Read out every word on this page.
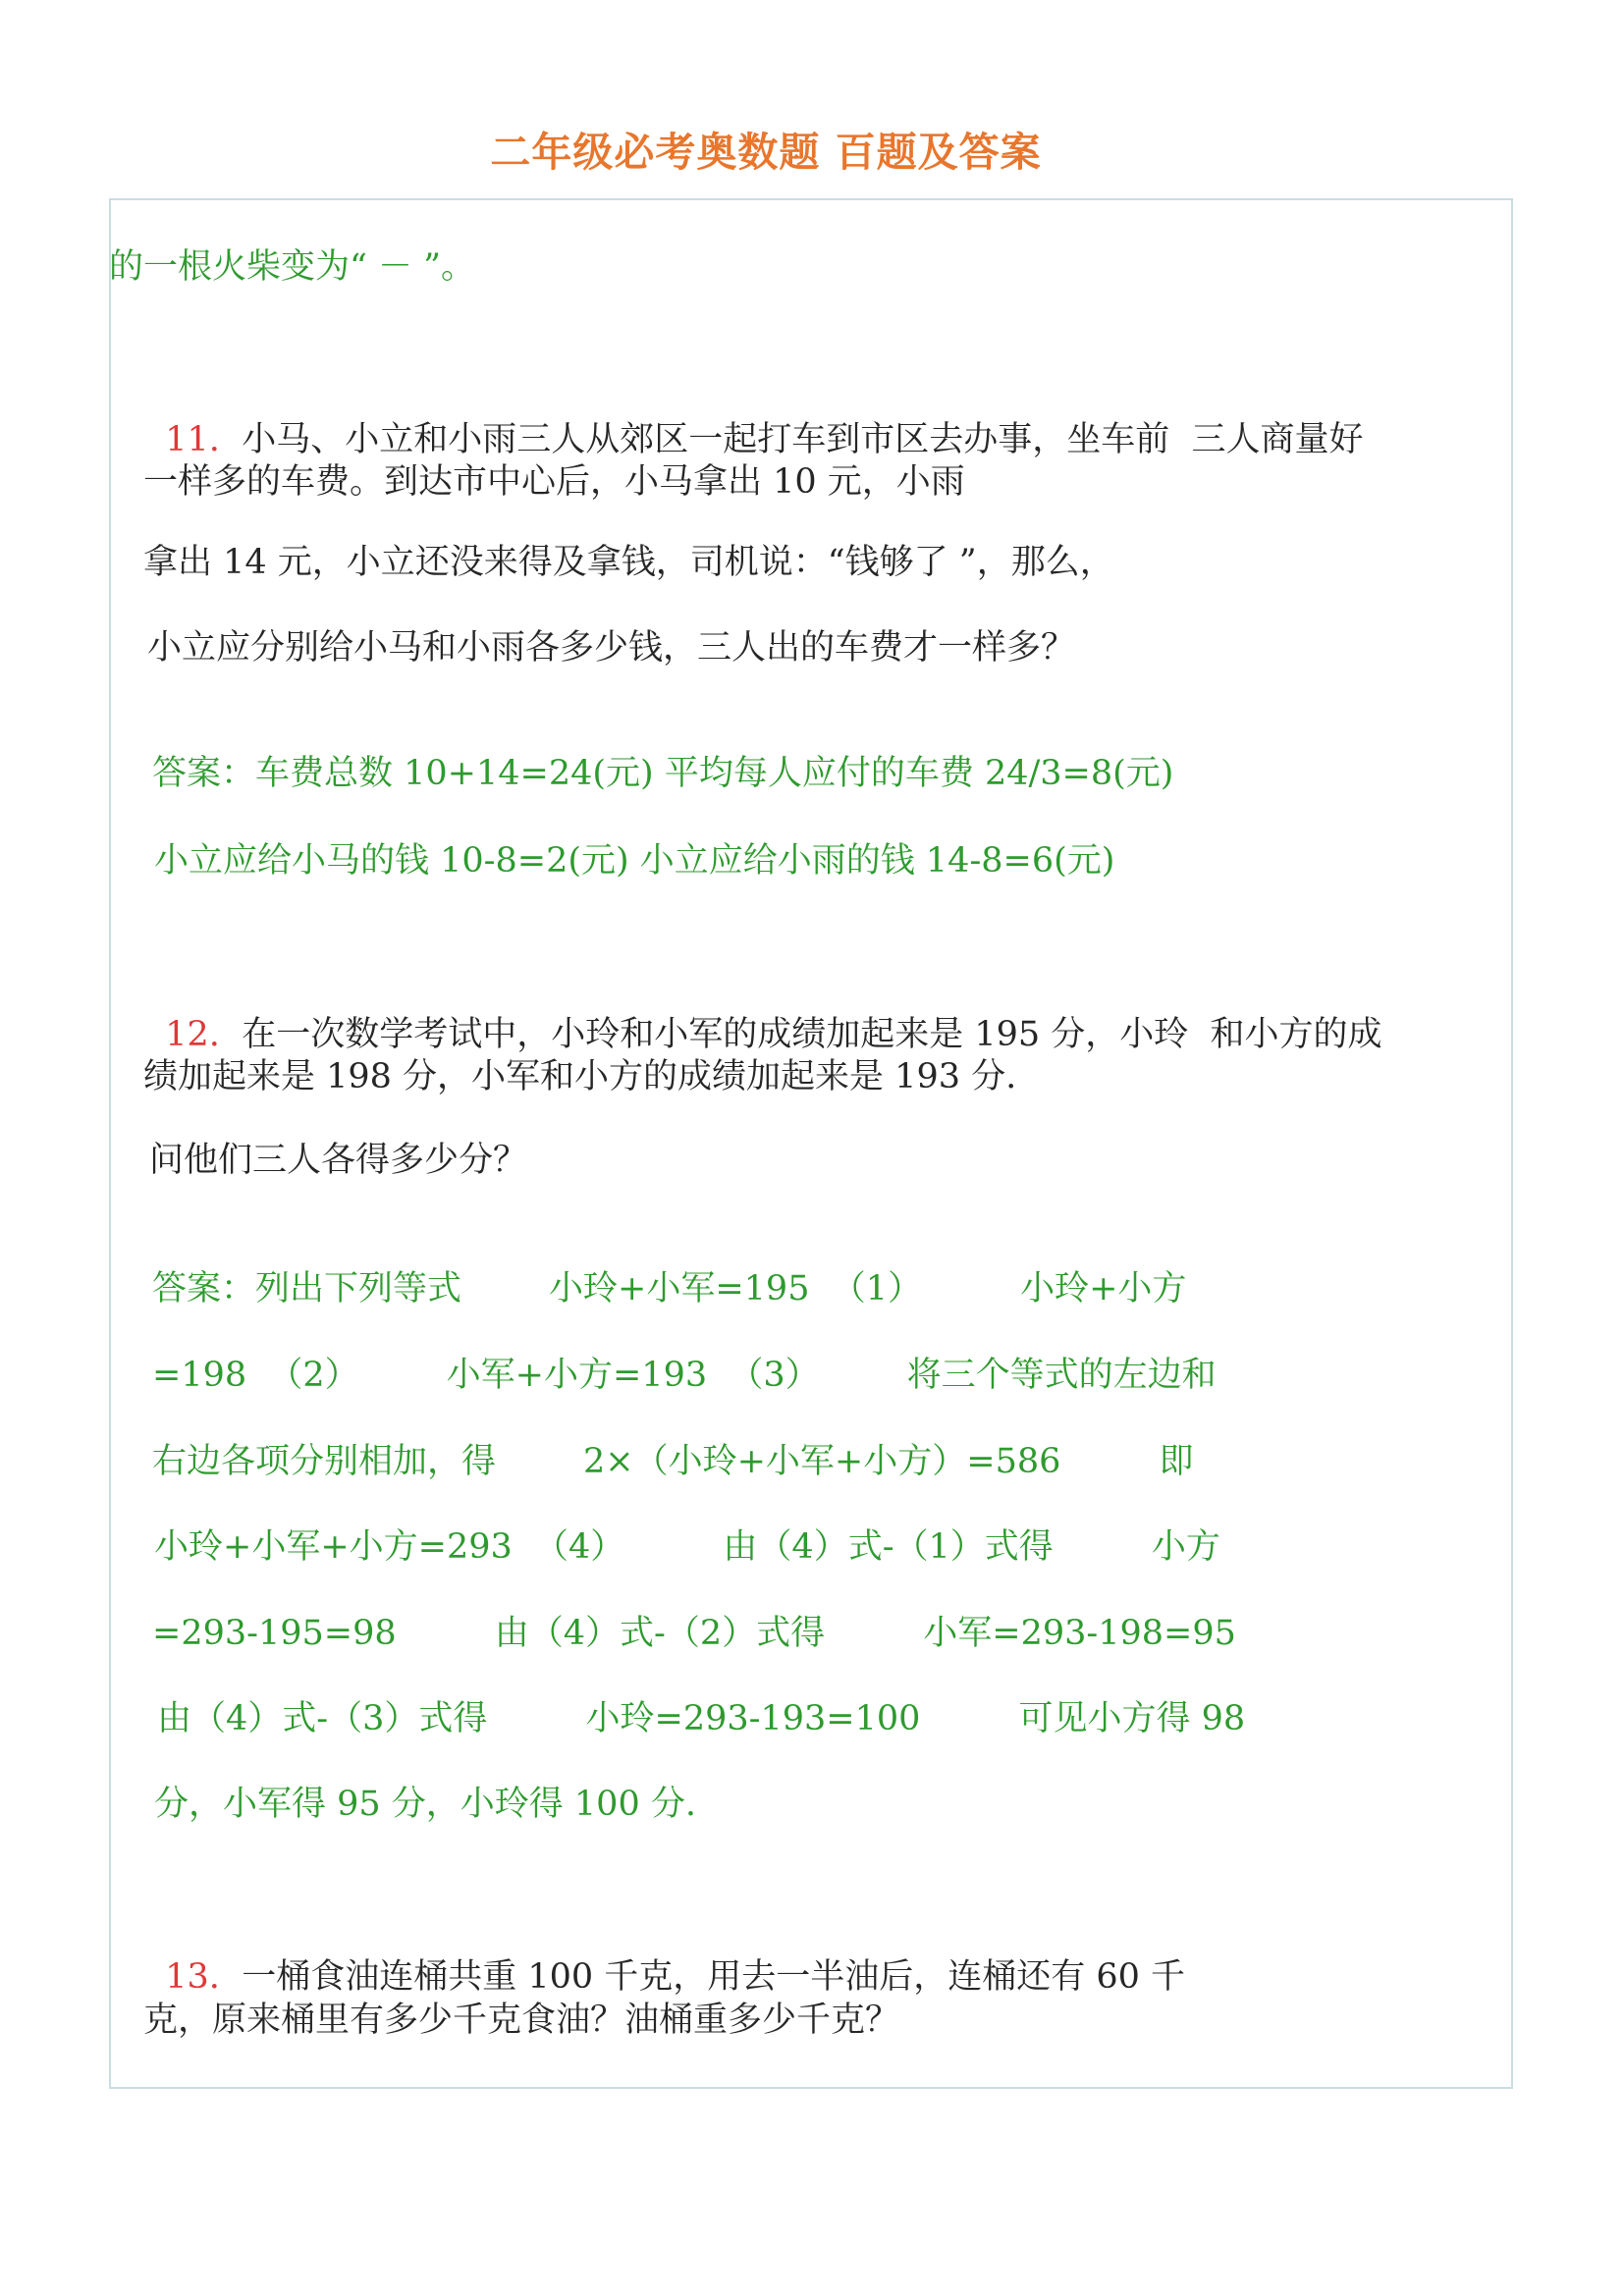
二年级必考奥数题 百题及答案
的一根火柴变为“ － ”。

11. 小马、小立和小雨三人从郊区一起打车到市区去办事，坐车前  三人商量好

一样多的车费。到达市中心后，小马拿出 10 元，小雨
拿出 14 元，小立还没来得及拿钱，司机说：“钱够了 ”，那么，
小立应分别给小马和小雨各多少钱，三人出的车费才一样多？
答案：车费总数 10+14=24(元) 平均每人应付的车费 24/3=8(元)
小立应给小马的钱 10-8=2(元) 小立应给小雨的钱 14-8=6(元)

12. 在一次数学考试中，小玲和小军的成绩加起来是 195 分，小玲  和小方的成

绩加起来是 198 分，小军和小方的成绩加起来是 193 分.
问他们三人各得多少分？
答案：列出下列等式        小玲+小军=195  （1）         小玲+小方
=198  （2）        小军+小方=193  （3）        将三个等式的左边和
右边各项分别相加，得        2×（小玲+小军+小方）=586         即
小玲+小军+小方=293  （4）         由（4）式-（1）式得         小方
=293-195=98         由（4）式-（2）式得         小军=293-198=95
由（4）式-（3）式得         小玲=293-193=100         可见小方得 98
分，小军得 95 分，小玲得 100 分.

13. 一桶食油连桶共重 100 千克，用去一半油后，连桶还有 60 千

克，原来桶里有多少千克食油？油桶重多少千克？
